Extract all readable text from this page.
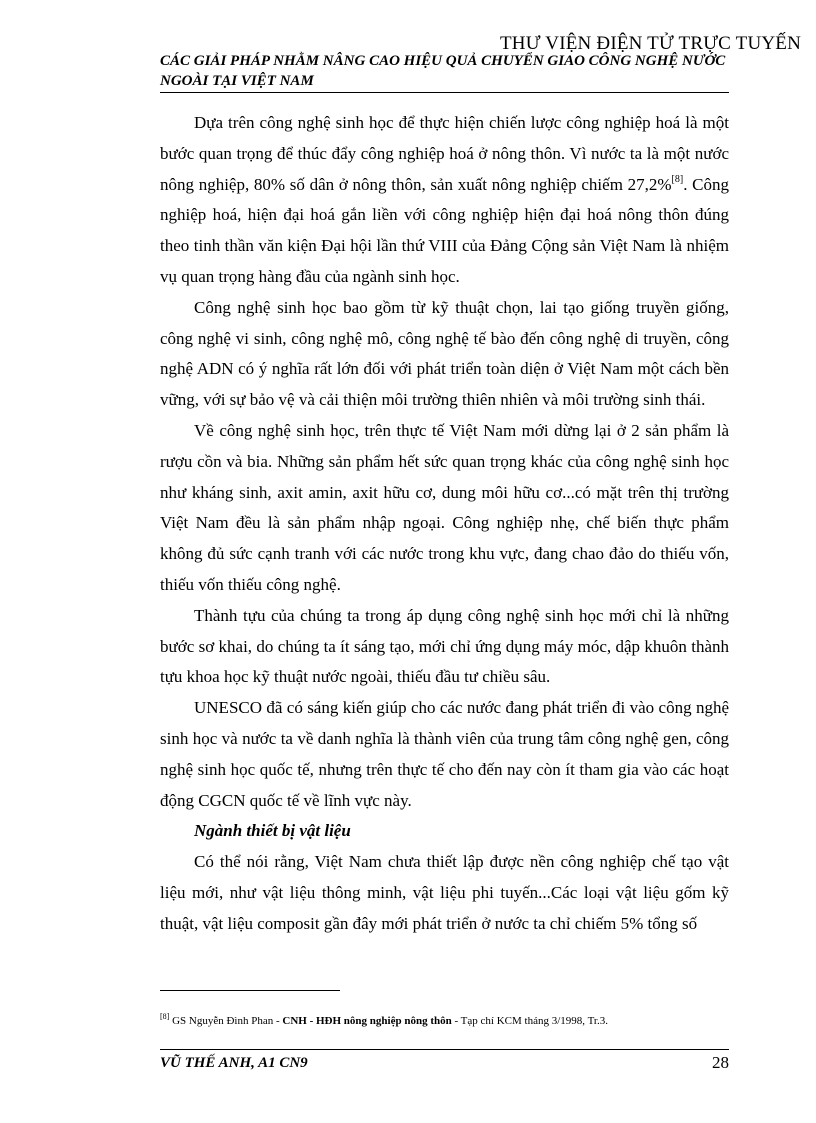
THƯ VIỆN ĐIỆN TỬ TRỰC TUYẾN
CÁC GIẢI PHÁP NHẰM NÂNG CAO HIỆU QUẢ CHUYỂN GIAO CÔNG NGHỆ NƯỚC NGOÀI TẠI VIỆT NAM

Dựa trên công nghệ sinh học để thực hiện chiến lược công nghiệp hoá là một bước quan trọng để thúc đẩy công nghiệp hoá ở nông thôn. Vì nước ta là một nước nông nghiệp, 80% số dân ở nông thôn, sản xuất nông nghiệp chiếm 27,2%[8]. Công nghiệp hoá, hiện đại hoá gắn liền với công nghiệp hiện đại hoá nông thôn đúng theo tinh thần văn kiện Đại hội lần thứ VIII của Đảng Cộng sản Việt Nam là nhiệm vụ quan trọng hàng đầu của ngành sinh học.

Công nghệ sinh học bao gồm từ kỹ thuật chọn, lai tạo giống truyền giống, công nghệ vi sinh, công nghệ mô, công nghệ tế bào đến công nghệ di truyền, công nghệ ADN có ý nghĩa rất lớn đối với phát triển toàn diện ở Việt Nam một cách bền vững, với sự bảo vệ và cải thiện môi trường thiên nhiên và môi trường sinh thái.

Về công nghệ sinh học, trên thực tế Việt Nam mới dừng lại ở 2 sản phẩm là rượu cồn và bia. Những sản phẩm hết sức quan trọng khác của công nghệ sinh học như kháng sinh, axit amin, axit hữu cơ, dung môi hữu cơ...có mặt trên thị trường Việt Nam đều là sản phẩm nhập ngoại. Công nghiệp nhẹ, chế biến thực phẩm không đủ sức cạnh tranh với các nước trong khu vực, đang chao đảo do thiếu vốn, thiếu vốn thiếu công nghệ.

Thành tựu của chúng ta trong áp dụng công nghệ sinh học mới chỉ là những bước sơ khai, do chúng ta ít sáng tạo, mới chỉ ứng dụng máy móc, dập khuôn thành tựu khoa học kỹ thuật nước ngoài, thiếu đầu tư chiều sâu.

UNESCO đã có sáng kiến giúp cho các nước đang phát triển đi vào công nghệ sinh học và nước ta về danh nghĩa là thành viên của trung tâm công nghệ gen, công nghệ sinh học quốc tế, nhưng trên thực tế cho đến nay còn ít tham gia vào các hoạt động CGCN quốc tế về lĩnh vực này.

Ngành thiết bị vật liệu

Có thể nói rằng, Việt Nam chưa thiết lập được nền công nghiệp chế tạo vật liệu mới, như vật liệu thông minh, vật liệu phi tuyến...Các loại vật liệu gốm kỹ thuật, vật liệu composit gần đây mới phát triển ở nước ta chỉ chiếm 5% tổng số

[8] GS Nguyễn Đình Phan - CNH - HĐH nông nghiệp nông thôn - Tạp chí KCM tháng 3/1998, Tr.3.
VŨ THẾ ANH, A1 CN9	28
